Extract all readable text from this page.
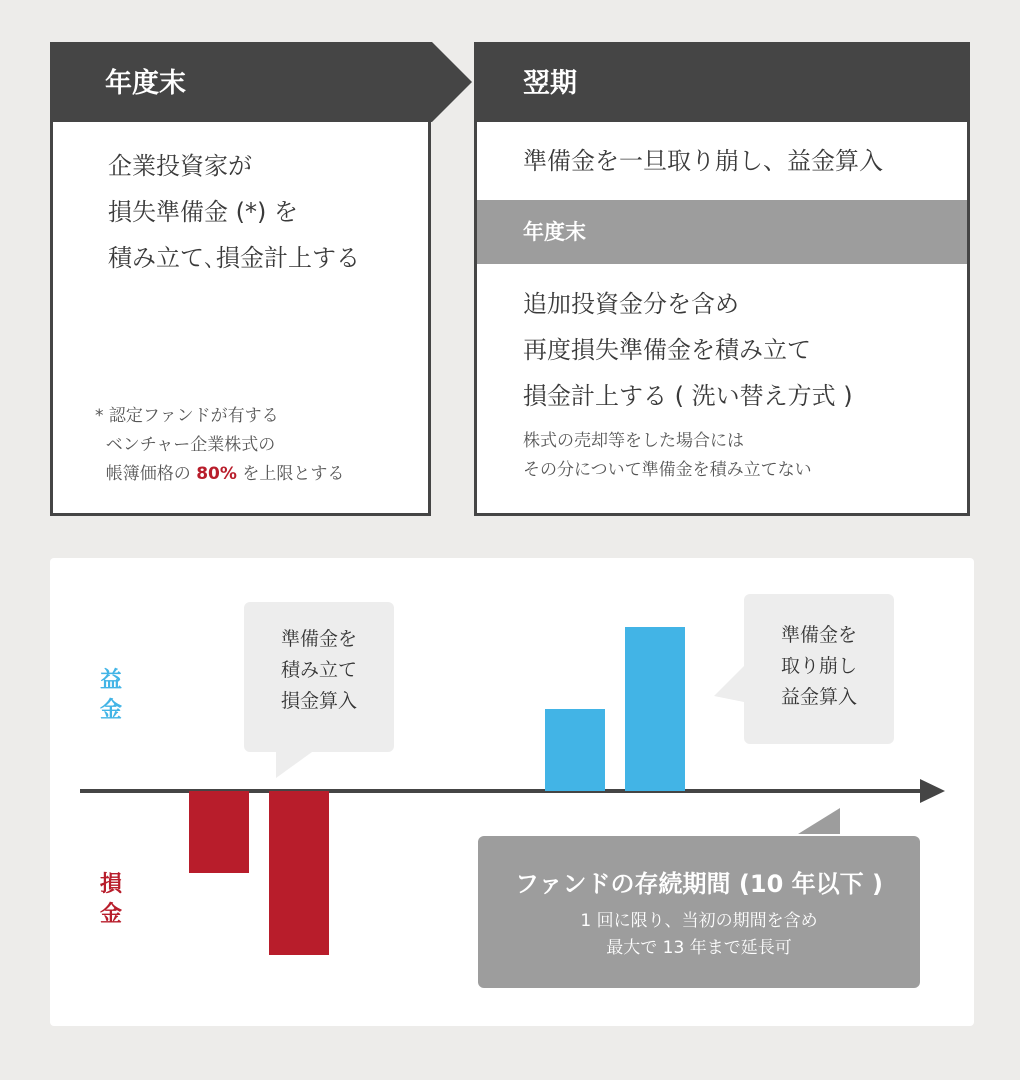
年度末
企業投資家が
損失準備金 (*) を
積み立て､損金計上する
* 認定ファンドが有する
ベンチャー企業株式の
帳簿価格の 80% を上限とする
翌期
準備金を一旦取り崩し、益金算入
年度末
追加投資金分を含め
再度損失準備金を積み立て
損金計上する ( 洗い替え方式 )
株式の売却等をした場合には
その分について準備金を積み立てない
益
金
損
金
準備金を
積み立て
損金算入
準備金を
取り崩し
益金算入
ファンドの存続期間 (10 年以下 )
1 回に限り、当初の期間を含め
最大で 13 年まで延長可
